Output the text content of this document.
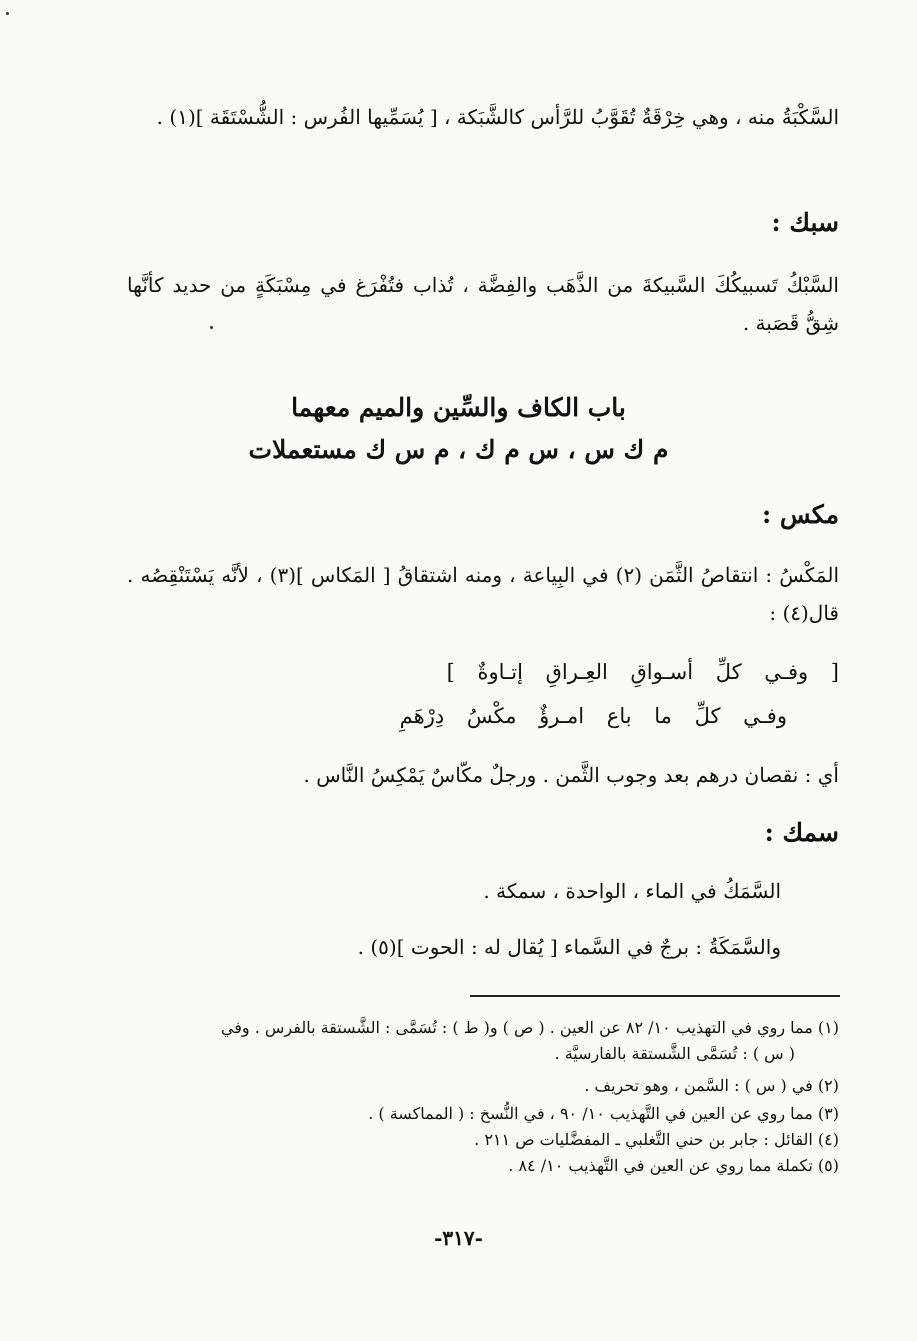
السَّكْبَةُ منه ، وهي خِرْقَةٌ تُقَوَّبُ للرَّأس كالشَّبَكة ، [ يُسَمِّيها الفُرس : الشُّسْتَقَة ](١) .

سبك :

السَّبْكُ تَسبيكُكَ السَّبيكةَ من الذَّهَب والفِضَّة ، تُذاب فتُفْرَغ في مِسْبَكَةٍ من حديد كأنَّها شِقُّ قَصَبة .

باب الكاف والسِّين والميم معهما
م ك س ، س م ك ، م س ك مستعملات
مكس :

المَكْسُ : انتقاصُ الثَّمَن (٢) في البِياعة ، ومنه اشتقاقُ [ المَكاس ](٣) ، لأنَّه يَسْتَنْقِصُه . قال(٤) :

[ وفـي كلِّ أسـواقِ العِـراقِ إتـاوةٌ ]

وفـي كلِّ ما باع امـرؤٌ مكْسُ دِرْهَمِ

أي : نقصان درهم بعد وجوب الثَّمن . ورجلٌ مكّاسٌ يَمْكِسُ النَّاس .

سمك :

السَّمَكُ في الماء ، الواحدة ، سمكة .

والسَّمَكَةُ : برجٌ في السَّماء [ يُقال له : الحوت ](٥) .

(١) مما روي في التهذيب ١٠/ ٨٢ عن العين . ( ص ) و( ط ) : تُسَمَّى : الشَّستقة بالفرس . وفي

( س ) : تُسَمَّى الشَّستقة بالفارسيَّة .

(٢) في ( س ) : السَّمن ، وهو تحريف .

(٣) مما روي عن العين في التَّهذيب ١٠/ ٩٠ ، في النُّسخ : ( المماكسة ) .

(٤) القائل : جابر بن حني التَّغلبي ـ المفضَّليات ص ٢١١ .

(٥) تكملة مما روي عن العين في التَّهذيب ١٠/ ٨٤ .

-٣١٧-
